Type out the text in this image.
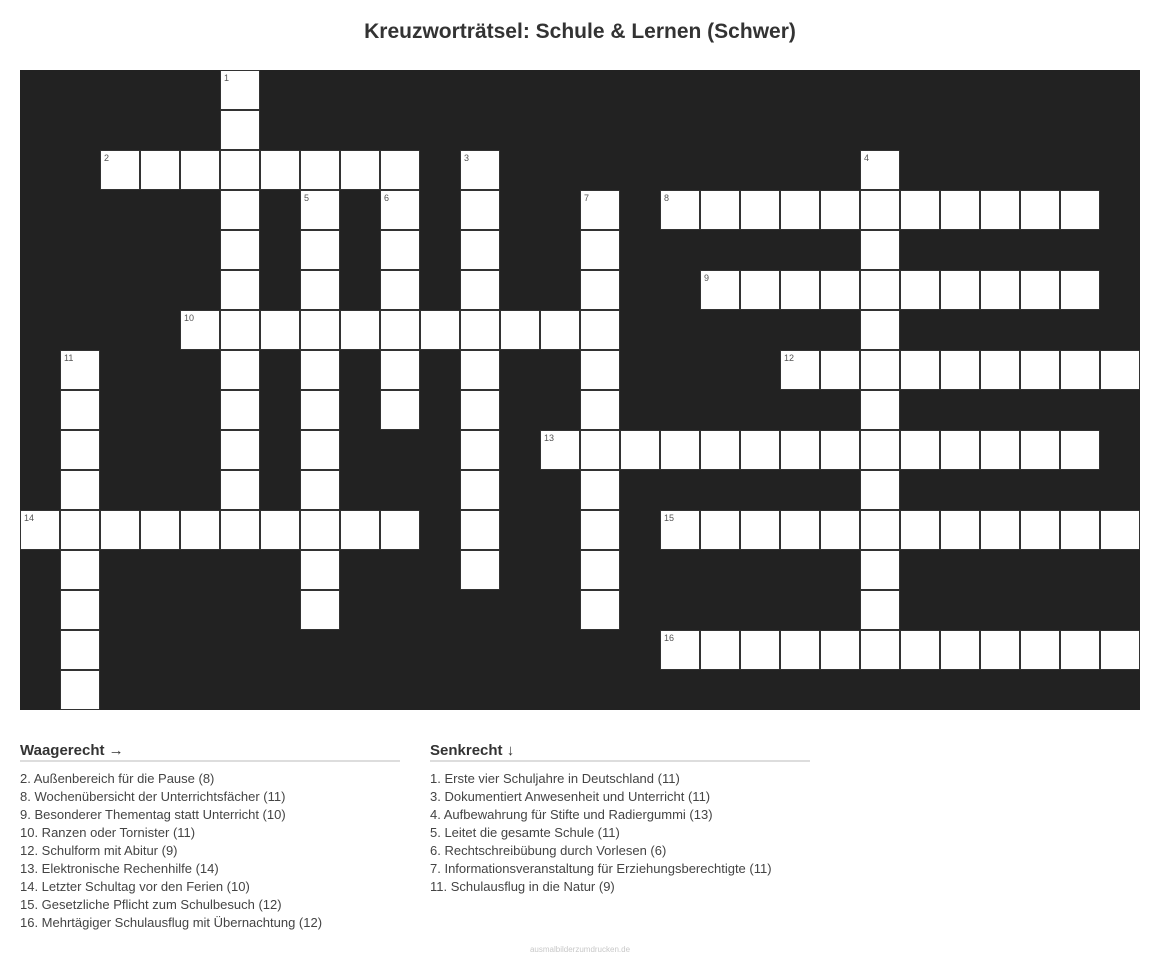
Kreuzworträtsel: Schule & Lernen (Schwer)
2
8
9
10
12
13
14	15
16
1
3	4
5	6	7
11
Waagerecht →
2. Außenbereich für die Pause (8)
8. Wochenübersicht der Unterrichtsfächer (11)
9. Besonderer Thementag statt Unterricht (10)
10. Ranzen oder Tornister (11)
12. Schulform mit Abitur (9)
13. Elektronische Rechenhilfe (14)
14. Letzter Schultag vor den Ferien (10)
15. Gesetzliche Pflicht zum Schulbesuch (12)
16. Mehrtägiger Schulausflug mit Übernachtung (12)
Senkrecht ↓
1. Erste vier Schuljahre in Deutschland (11)
3. Dokumentiert Anwesenheit und Unterricht (11)
4. Aufbewahrung für Stifte und Radiergummi (13)
5. Leitet die gesamte Schule (11)
6. Rechtschreibübung durch Vorlesen (6)
7. Informationsveranstaltung für Erziehungsberechtigte (11)
11. Schulausflug in die Natur (9)
ausmalbilderzumdrucken.de
